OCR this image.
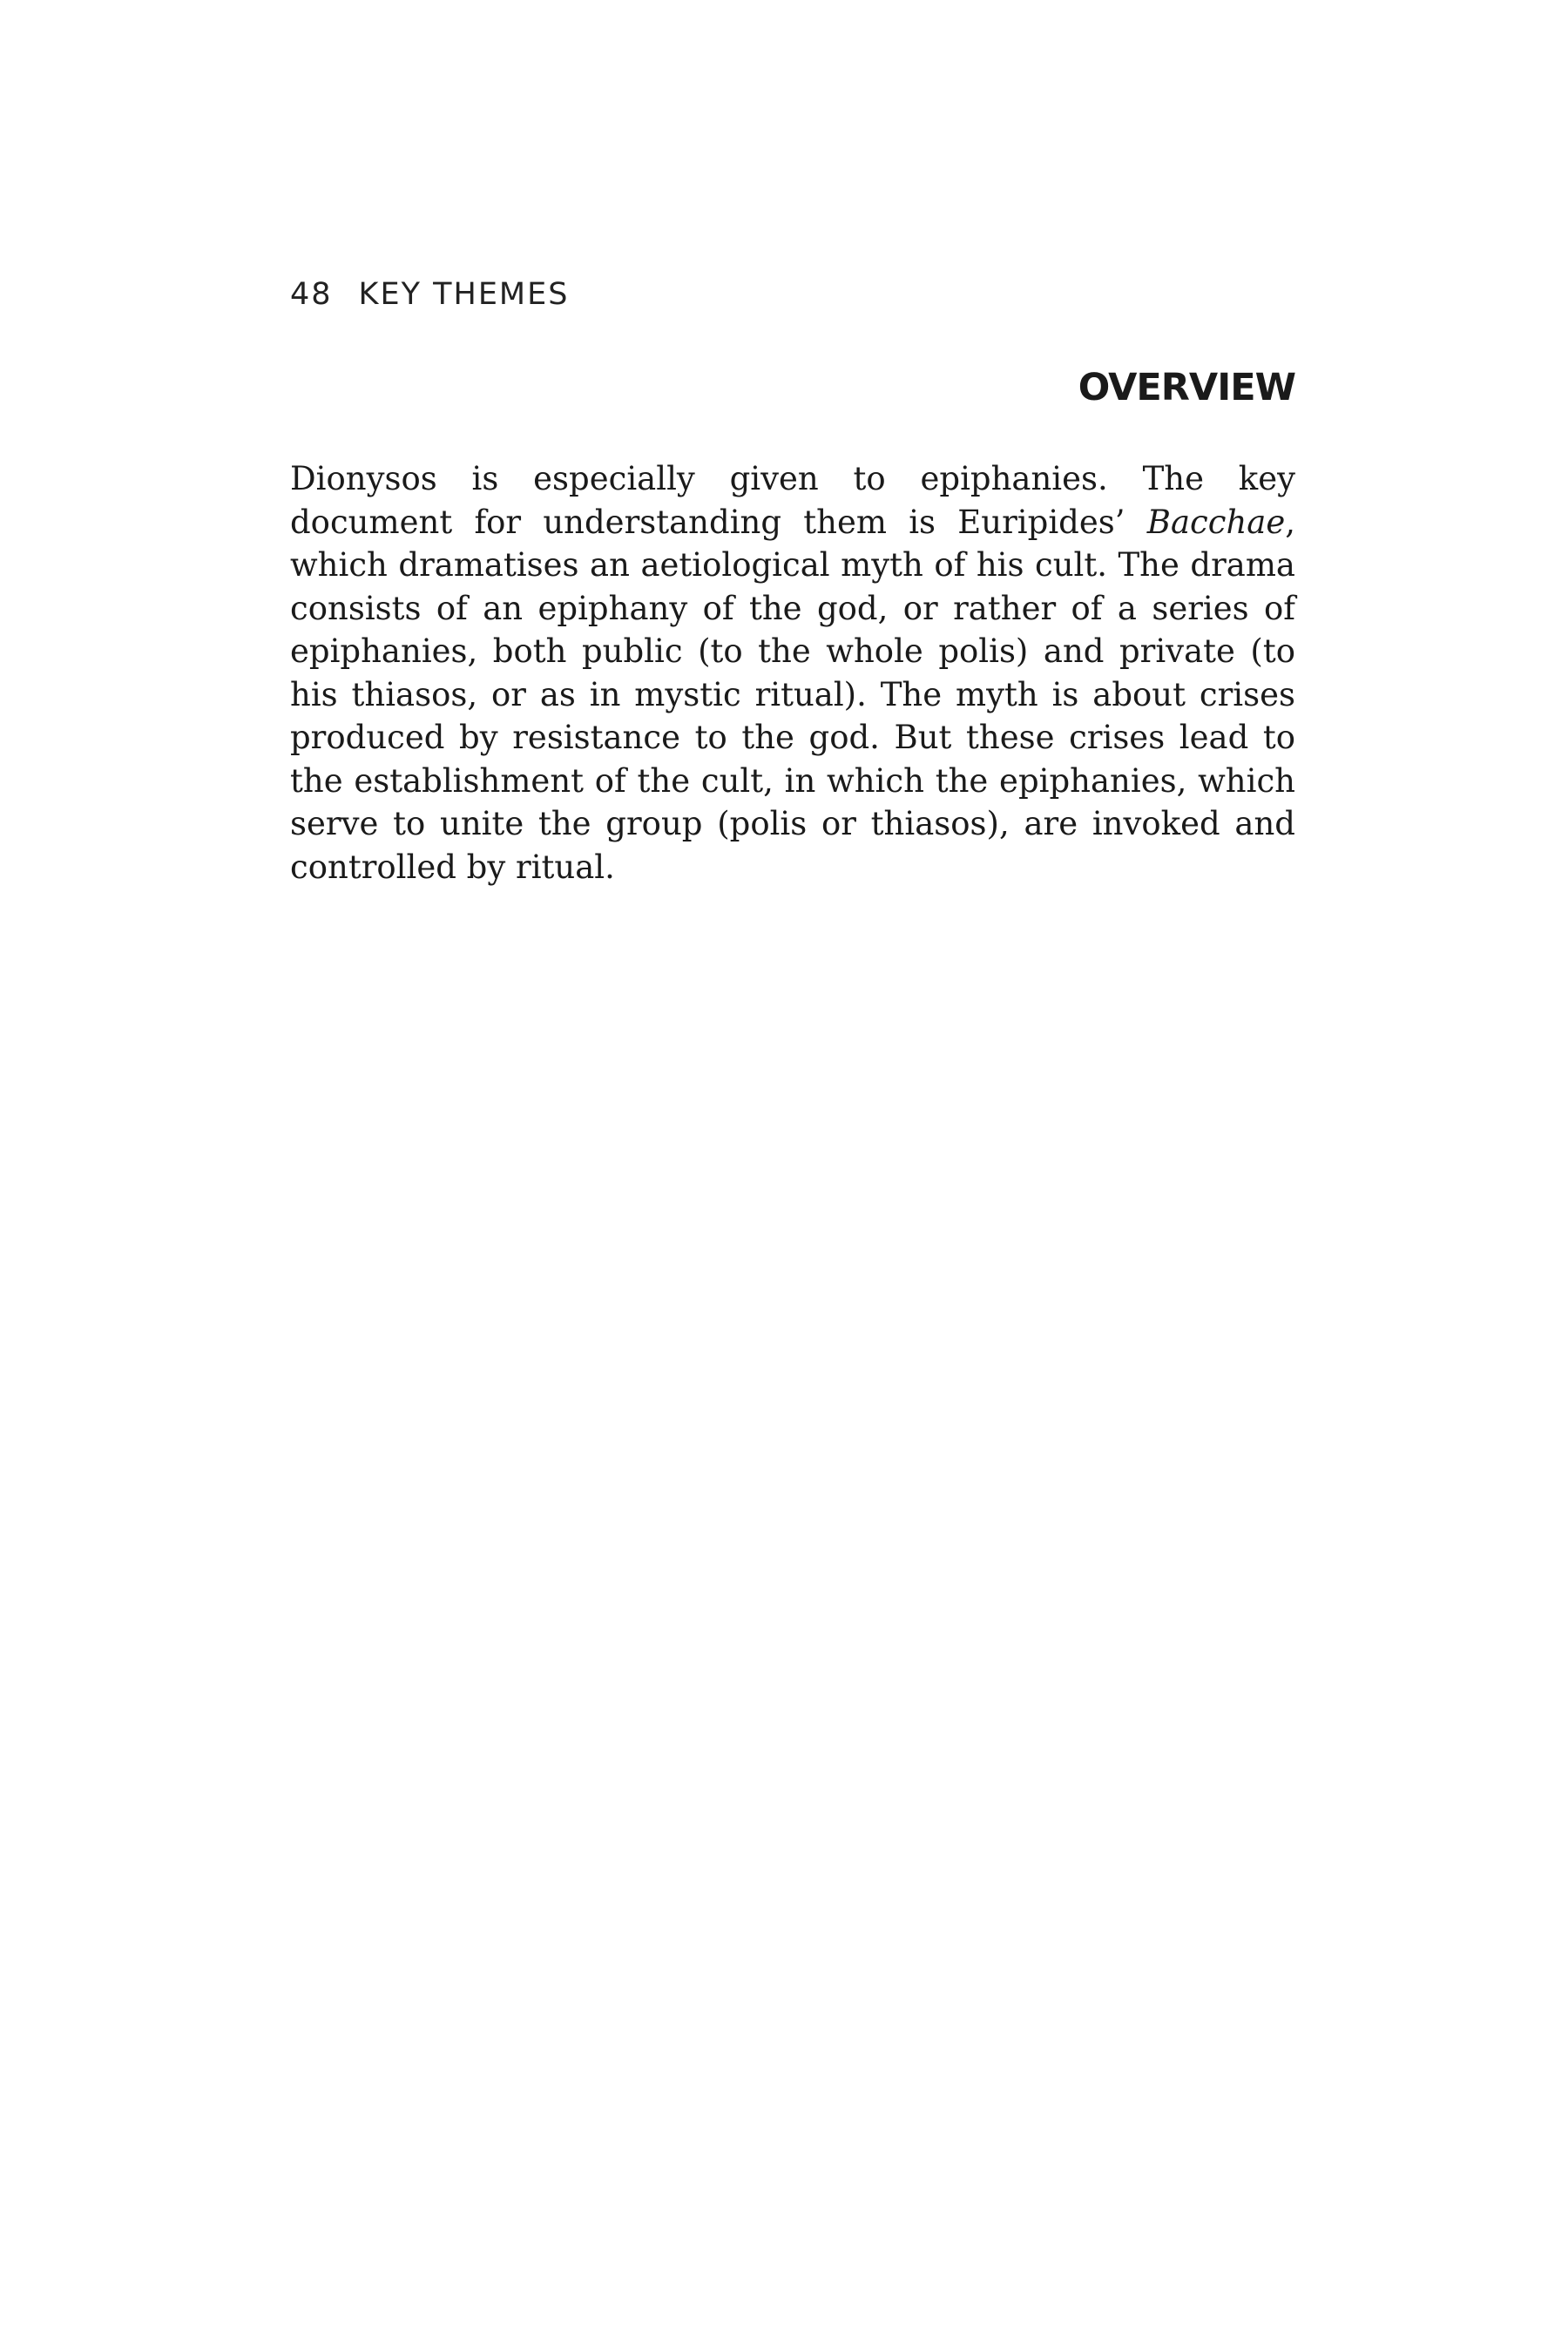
48 KEY THEMES
OVERVIEW

Dionysos is especially given to epiphanies. The key document for understanding them is Euripides’ Bacchae, which dramatises an aetiological myth of his cult. The drama consists of an epiphany of the god, or rather of a series of epiphanies, both public (to the whole polis) and private (to his thiasos, or as in mystic ritual). The myth is about crises produced by resistance to the god. But these crises lead to the establishment of the cult, in which the epiphanies, which serve to unite the group (polis or thiasos), are invoked and controlled by ritual.
